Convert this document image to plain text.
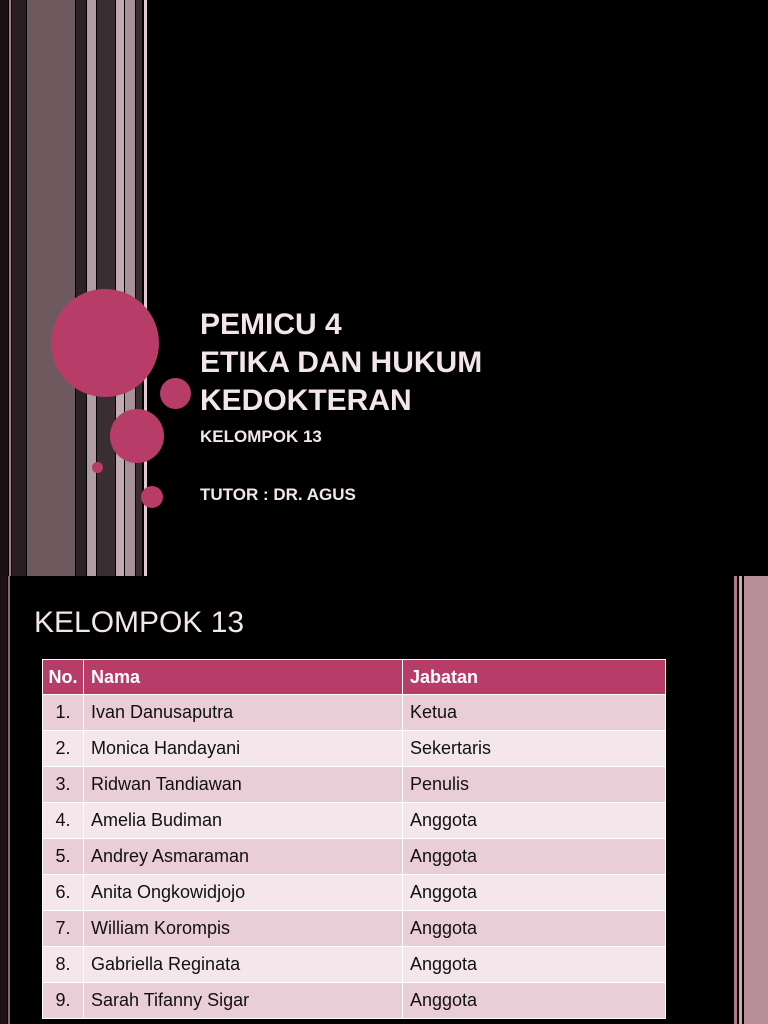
PEMICU 4
ETIKA DAN HUKUM
KEDOKTERAN
KELOMPOK 13
TUTOR : DR. AGUS
KELOMPOK 13
No.	Nama	Jabatan
1.	Ivan Danusaputra	Ketua
2.	Monica Handayani	Sekertaris
3.	Ridwan Tandiawan	Penulis
4.	Amelia Budiman	Anggota
5.	Andrey Asmaraman	Anggota
6.	Anita Ongkowidjojo	Anggota
7.	William Korompis	Anggota
8.	Gabriella Reginata	Anggota
9.	Sarah Tifanny Sigar	Anggota
